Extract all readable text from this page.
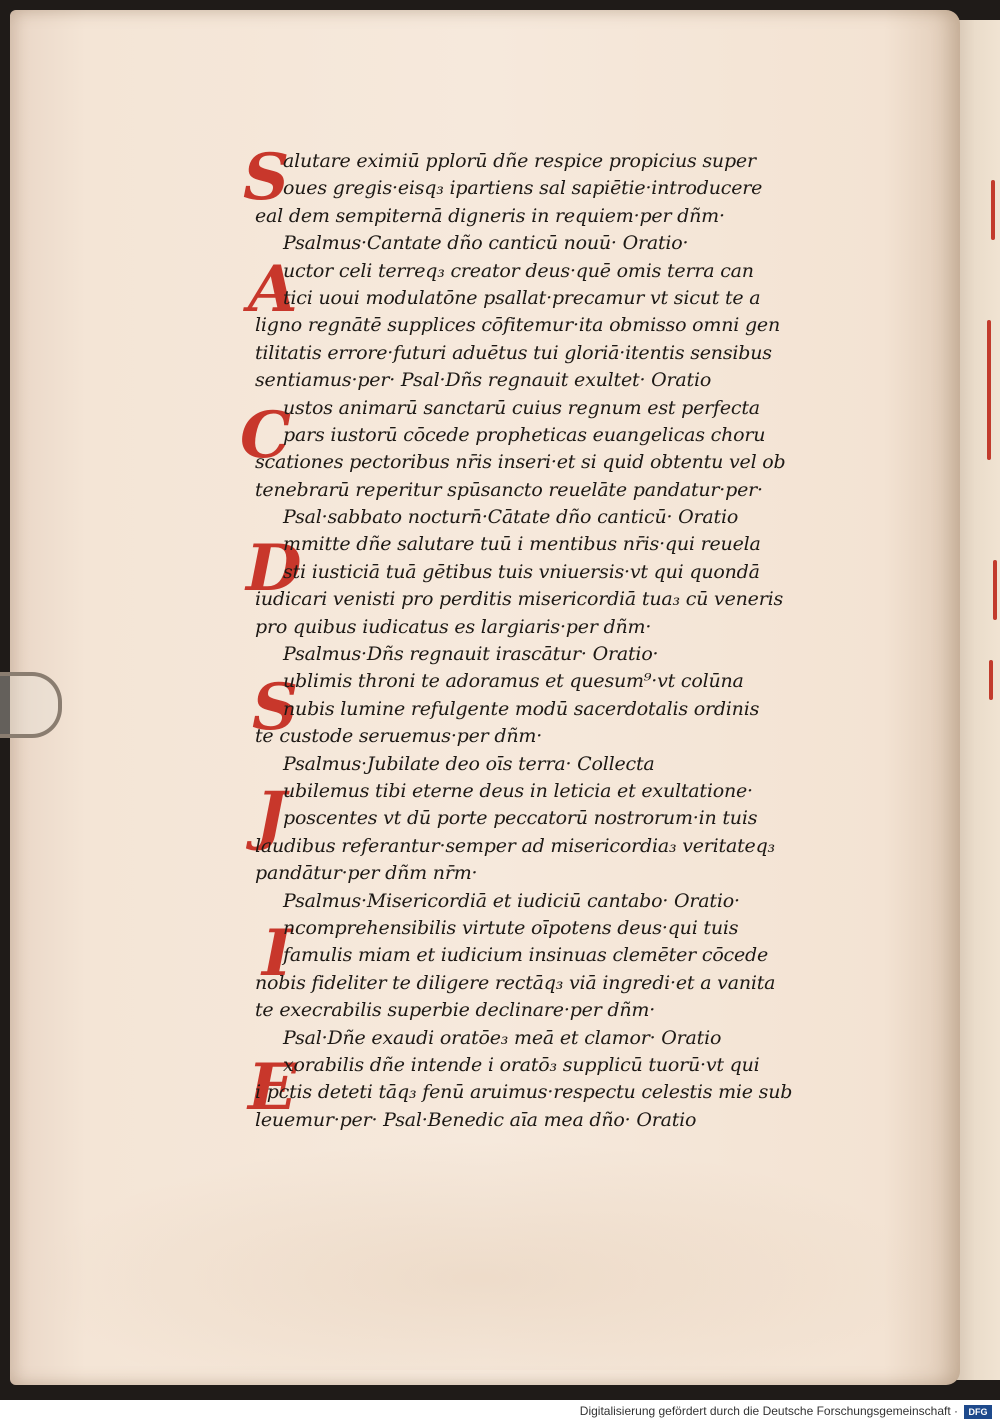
S
A
C
D
S
J
I
E
alutare eximiū pplorū dñe respice propicius super
oues gregis·eisq₃ ipartiens sal sapiētie·introducere
eal dem sempiternā digneris in requiem·per dñm·
Psalmus·Cantate dño canticū nouū· Oratio·
uctor celi terreq₃ creator deus·quē omis terra can
tici uoui modulatōne psallat·precamur vt sicut te a
ligno regnātē supplices cōfitemur·ita obmisso omni gen
tilitatis errore·futuri aduētus tui gloriā·itentis sensibus
sentiamus·per· Psal·Dñs regnauit exultet· Oratio
ustos animarū sanctarū cuius regnum est perfecta
pars iustorū cōcede propheticas euangelicas choru
scationes pectoribus nr̄is inseri·et si quid obtentu vel ob
tenebrarū reperitur spūsancto reuelāte pandatur·per·
Psal·sabbato nocturn̄·Cātate dño canticū· Oratio
mmitte dñe salutare tuū i mentibus nr̄is·qui reuela
sti iusticiā tuā gētibus tuis vniuersis·vt qui quondā
iudicari venisti pro perditis misericordiā tua₃ cū veneris
pro quibus iudicatus es largiaris·per dñm·
Psalmus·Dñs regnauit irascātur· Oratio·
ublimis throni te adoramus et quesum⁹·vt colūna
nubis lumine refulgente modū sacerdotalis ordinis
te custode seruemus·per dñm·
Psalmus·Jubilate deo oīs terra· Collecta
ubilemus tibi eterne deus in leticia et exultatione·
poscentes vt dū porte peccatorū nostrorum·in tuis
laudibus referantur·semper ad misericordia₃ veritateq₃
pandātur·per dñm nr̄m·
Psalmus·Misericordiā et iudiciū cantabo· Oratio·
ncomprehensibilis virtute oīpotens deus·qui tuis
famulis miam et iudicium insinuas clemēter cōcede
nobis fideliter te diligere rectāq₃ viā ingredi·et a vanita
te execrabilis superbie declinare·per dñm·
Psal·Dñe exaudi oratōe₃ meā et clamor· Oratio
xorabilis dñe intende i oratō₃ supplicū tuorū·vt qui
i pctis deteti tāq₃ fenū aruimus·respectu celestis mie sub
leuemur·per· Psal·Benedic aīa mea dño· Oratio
Digitalisierung gefördert durch die Deutsche Forschungsgemeinschaft · DFG
